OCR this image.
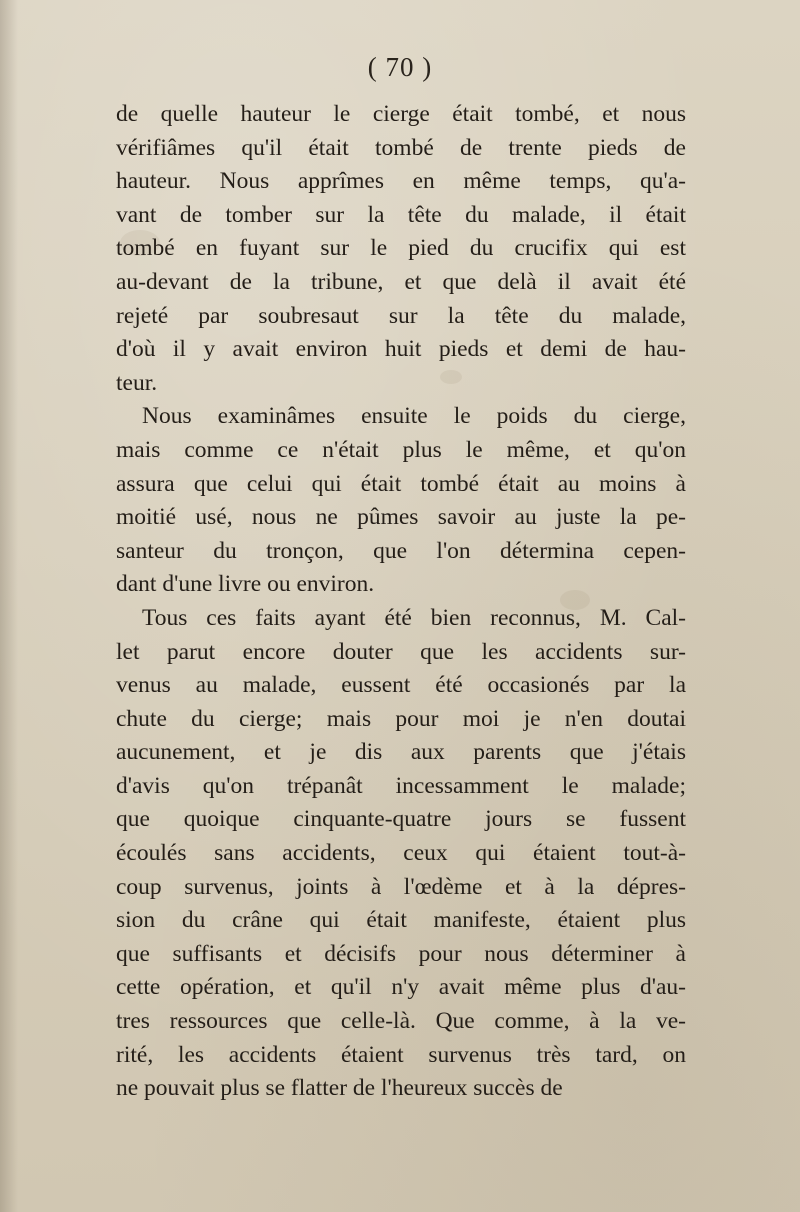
( 70 )
de quelle hauteur le cierge était tombé, et nous
vérifiâmes qu'il était tombé de trente pieds de
hauteur. Nous apprîmes en même temps, qu'a-
vant de tomber sur la tête du malade, il était
tombé en fuyant sur le pied du crucifix qui est
au-devant de la tribune, et que delà il avait été
rejeté par soubresaut sur la tête du malade,
d'où il y avait environ huit pieds et demi de hau-
teur.
Nous examinâmes ensuite le poids du cierge,
mais comme ce n'était plus le même, et qu'on
assura que celui qui était tombé était au moins à
moitié usé, nous ne pûmes savoir au juste la pe-
santeur du tronçon, que l'on détermina cepen-
dant d'une livre ou environ.
Tous ces faits ayant été bien reconnus, M. Cal-
let parut encore douter que les accidents sur-
venus au malade, eussent été occasionés par la
chute du cierge; mais pour moi je n'en doutai
aucunement, et je dis aux parents que j'étais
d'avis qu'on trépanât incessamment le malade;
que quoique cinquante-quatre jours se fussent
écoulés sans accidents, ceux qui étaient tout-à-
coup survenus, joints à l'œdème et à la dépres-
sion du crâne qui était manifeste, étaient plus
que suffisants et décisifs pour nous déterminer à
cette opération, et qu'il n'y avait même plus d'au-
tres ressources que celle-là. Que comme, à la ve-
rité, les accidents étaient survenus très tard, on
ne pouvait plus se flatter de l'heureux succès de
